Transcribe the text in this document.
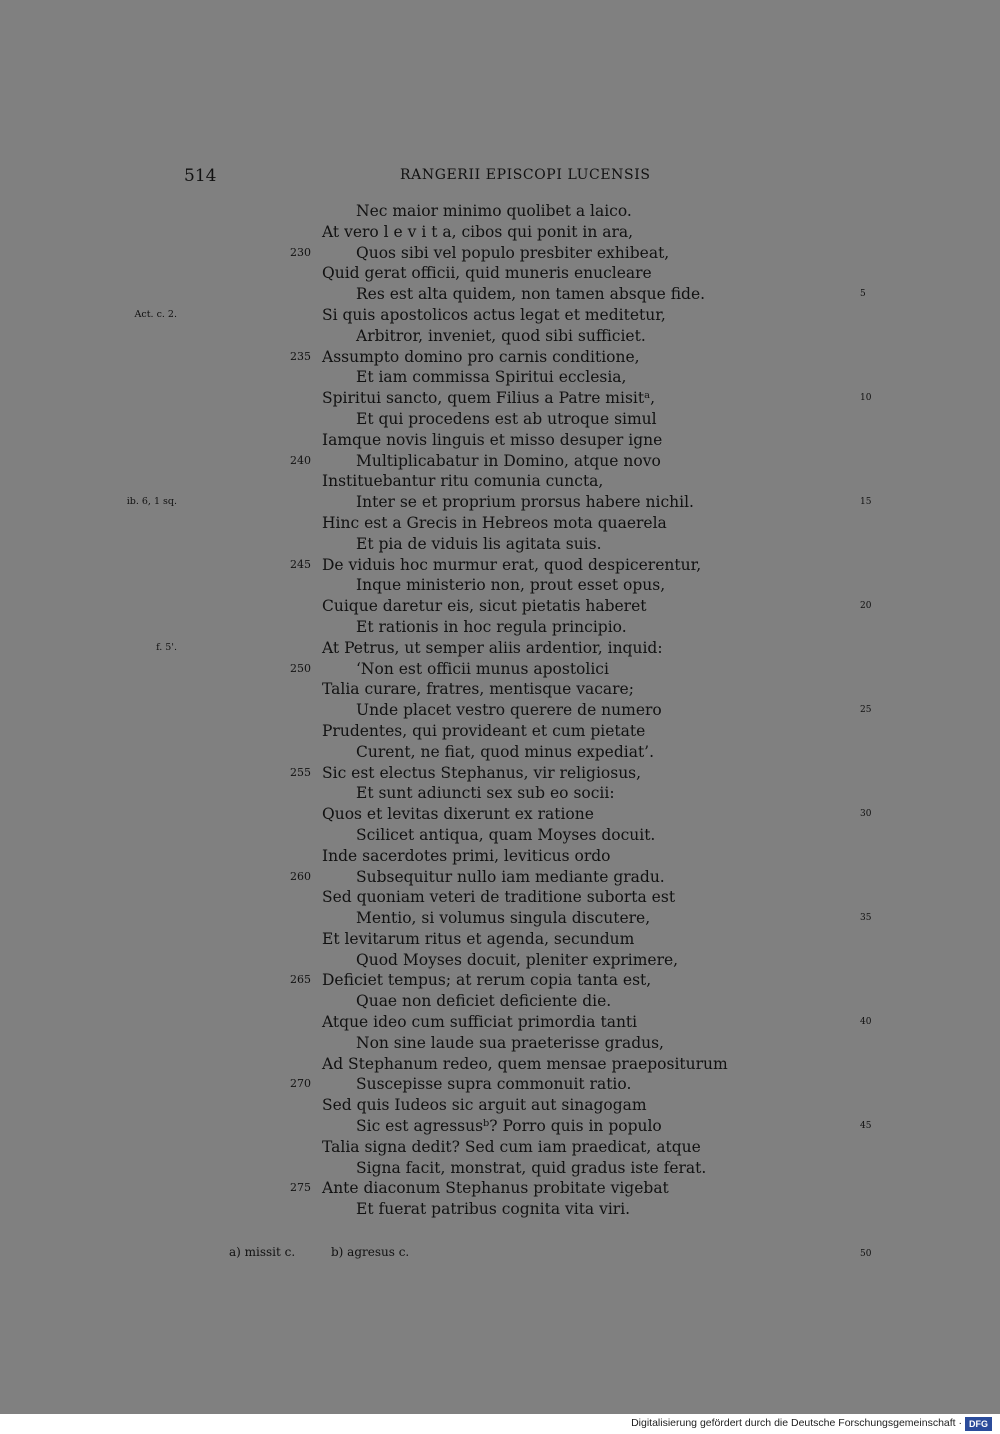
514	RANGERII EPISCOPI LUCENSIS
Nec maior minimo quolibet a laico.
At vero l e v i t a, cibos qui ponit in ara,
230	Quos sibi vel populo presbiter exhibeat,
Quid gerat officii, quid muneris enucleare
Res est alta quidem, non tamen absque fide.	5
Si quis apostolicos actus legat et meditetur,
Act. c. 2.
Arbitror, inveniet, quod sibi sufficiet.
235 Assumpto domino pro carnis conditione,
Et iam commissa Spiritui ecclesia,
Spiritui sancto, quem Filius a Patre misitᵃ,	10
Et qui procedens est ab utroque simul
Iamque novis linguis et misso desuper igne
240	Multiplicabatur in Domino, atque novo
Instituebantur ritu comunia cuncta,
Inter se et proprium prorsus habere nichil.	15
ib. 6, 1 sq.
Hinc est a Grecis in Hebreos mota quaerela
Et pia de viduis lis agitata suis.
245 De viduis hoc murmur erat, quod despicerentur,
Inque ministerio non, prout esset opus,
Cuique daretur eis, sicut pietatis haberet	20
Et rationis in hoc regula principio.
At Petrus, ut semper aliis ardentior, inquid:
f. 5'.
250	‘Non est officii munus apostolici
Talia curare, fratres, mentisque vacare;
Unde placet vestro querere de numero	25
Prudentes, qui provideant et cum pietate
Curent, ne fiat, quod minus expediat’.
255 Sic est electus Stephanus, vir religiosus,
Et sunt adiuncti sex sub eo socii:
Quos et levitas dixerunt ex ratione	30
Scilicet antiqua, quam Moyses docuit.
Inde sacerdotes primi, leviticus ordo
260	Subsequitur nullo iam mediante gradu.
Sed quoniam veteri de traditione suborta est
Mentio, si volumus singula discutere,	35
Et levitarum ritus et agenda, secundum
Quod Moyses docuit, pleniter exprimere,
265 Deficiet tempus; at rerum copia tanta est,
Quae non deficiet deficiente die.
Atque ideo cum sufficiat primordia tanti	40
Non sine laude sua praeterisse gradus,
Ad Stephanum redeo, quem mensae praepositurum
270	Suscepisse supra commonuit ratio.
Sed quis Iudeos sic arguit aut sinagogam
Sic est agressusᵇ? Porro quis in populo	45
Talia signa dedit? Sed cum iam praedicat, atque
Signa facit, monstrat, quid gradus iste ferat.
275 Ante diaconum Stephanus probitate vigebat
Et fuerat patribus cognita vita viri.
a) missit c.	b) agresus c.	50
Digitalisierung gefördert durch die Deutsche Forschungsgemeinschaft · DFG
